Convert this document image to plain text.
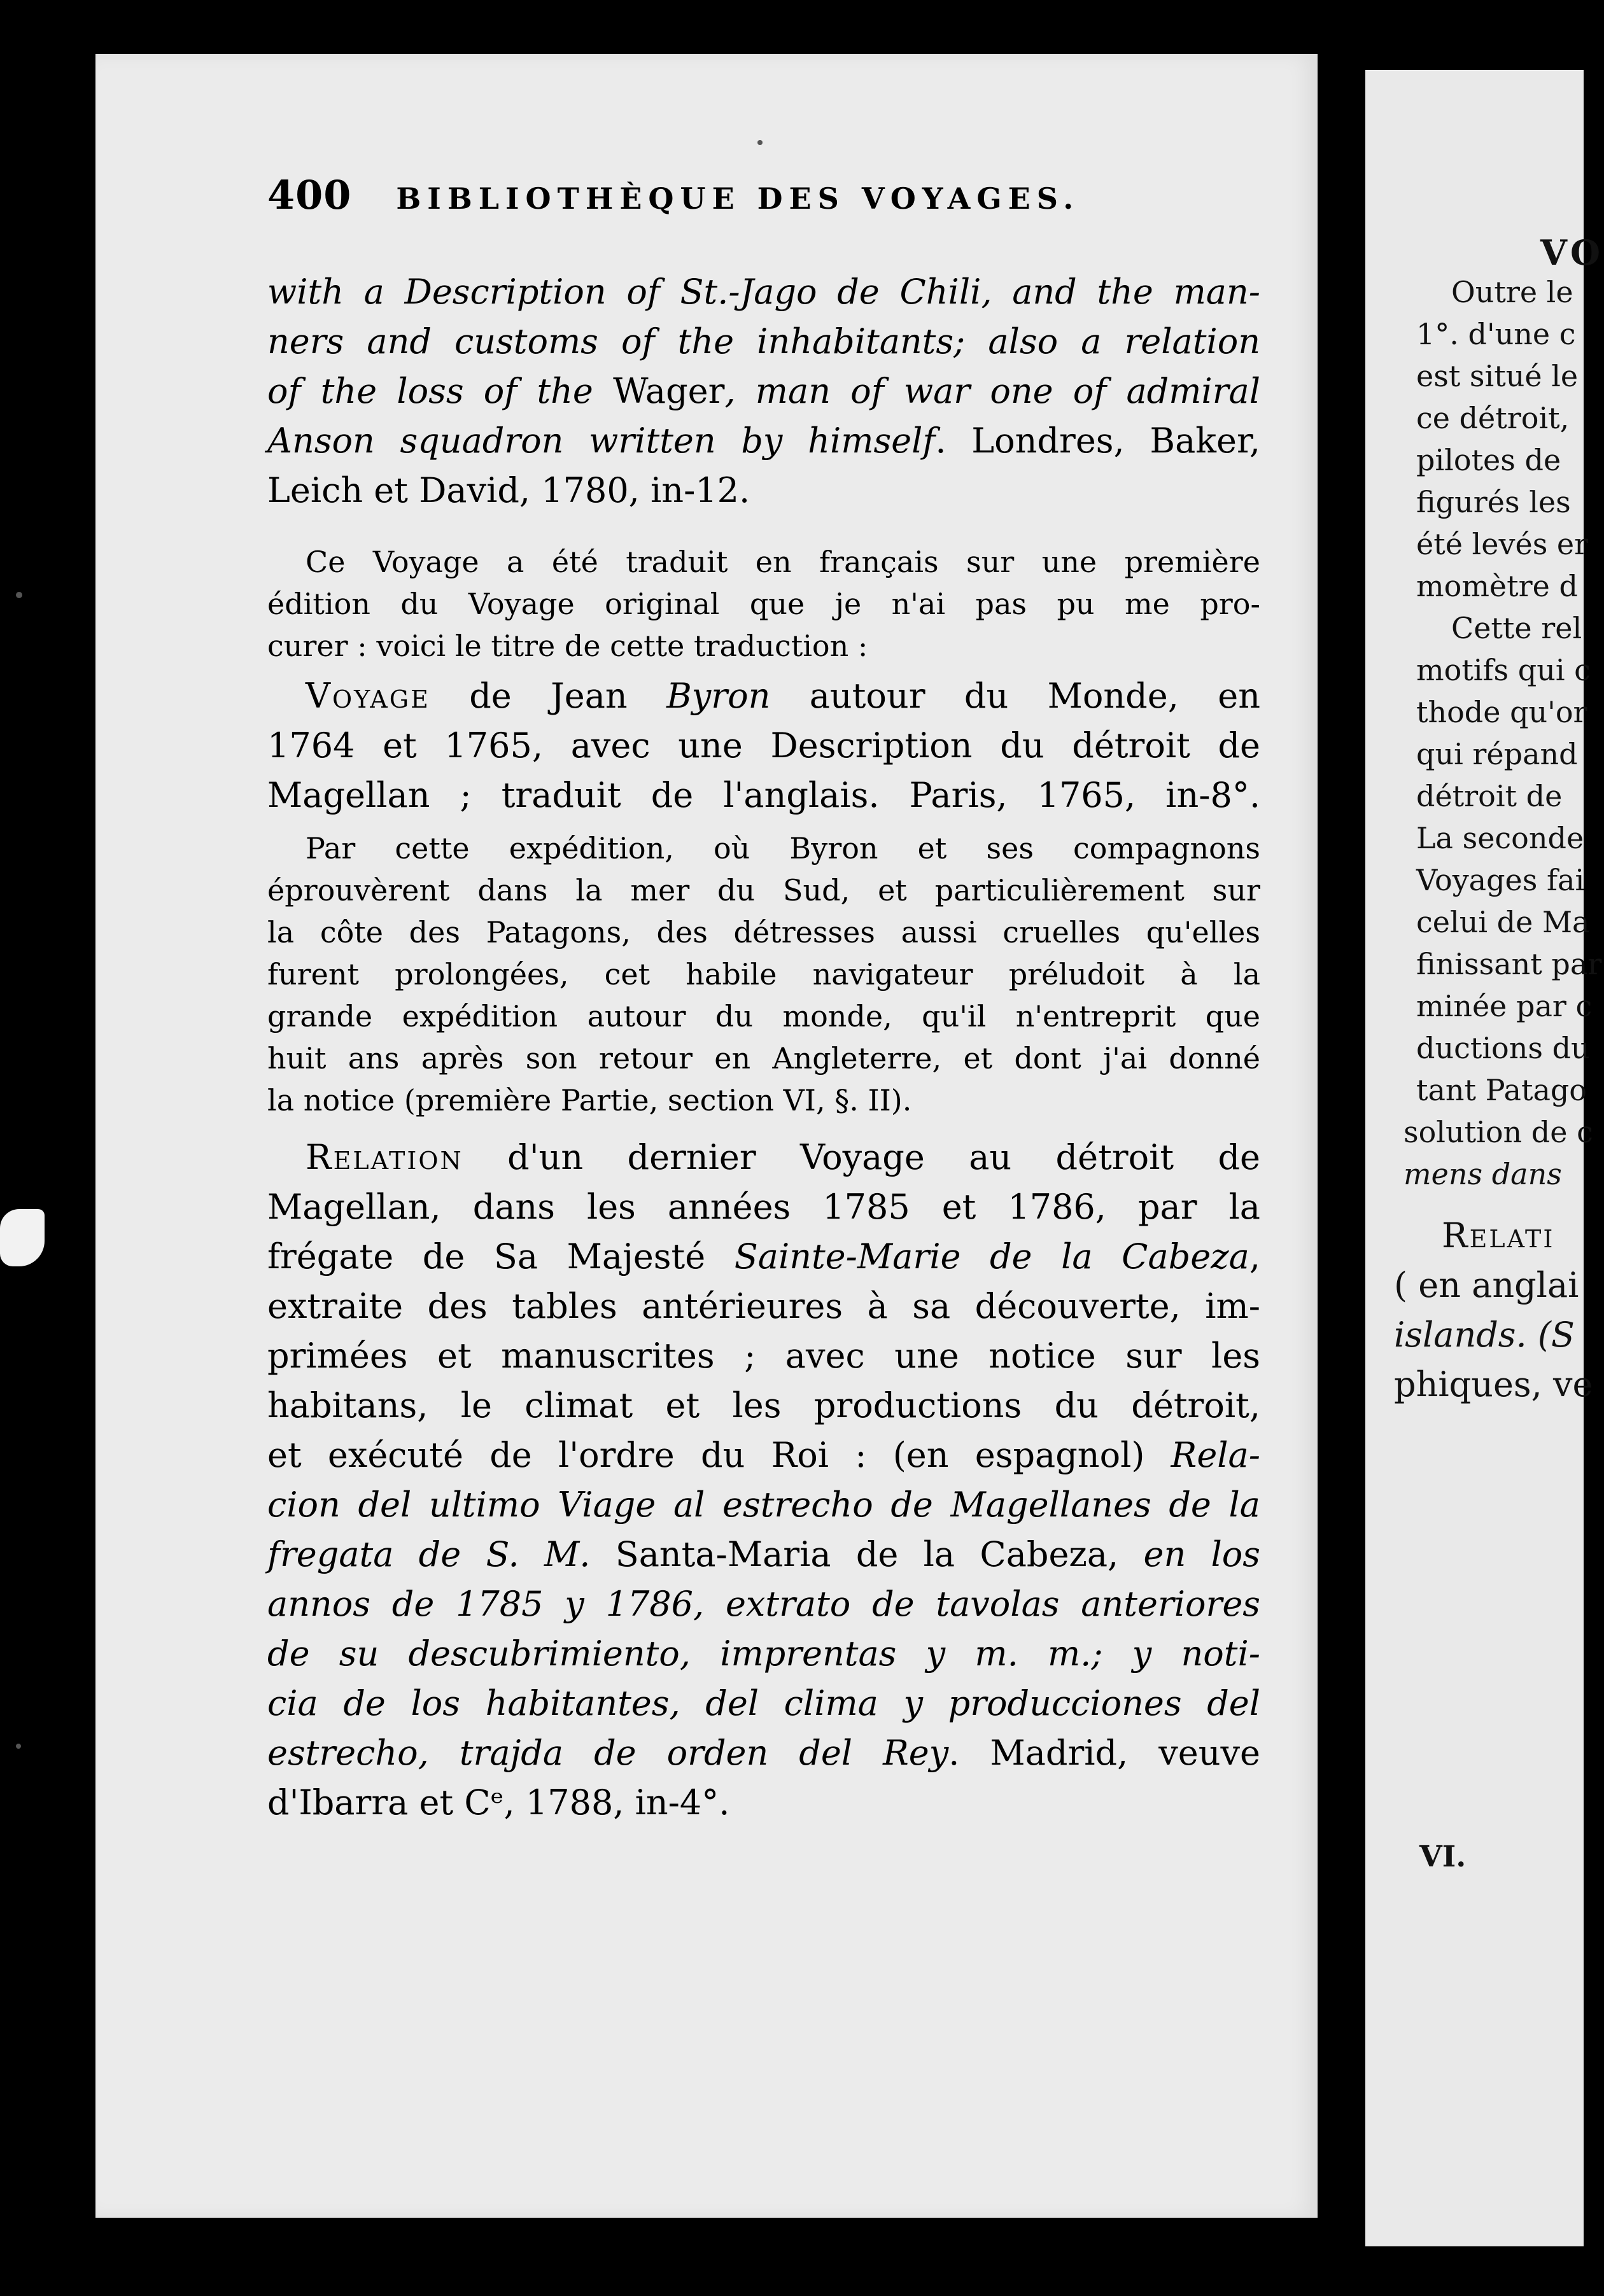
400 BIBLIOTHÈQUE DES VOYAGES.
with a Description of St.-Jago de Chili, and the man-
ners and customs of the inhabitants; also a relation
of the loss of the Wager, man of war one of admiral
Anson squadron written by himself. Londres, Baker,
Leich et David, 1780, in-12.
Ce Voyage a été traduit en français sur une première
édition du Voyage original que je n'ai pas pu me pro-
curer : voici le titre de cette traduction :
Voyage de Jean Byron autour du Monde, en
1764 et 1765, avec une Description du détroit de
Magellan ; traduit de l'anglais. Paris, 1765, in-8°.
Par cette expédition, où Byron et ses compagnons
éprouvèrent dans la mer du Sud, et particulièrement sur
la côte des Patagons, des détresses aussi cruelles qu'elles
furent prolongées, cet habile navigateur préludoit à la
grande expédition autour du monde, qu'il n'entreprit que
huit ans après son retour en Angleterre, et dont j'ai donné
la notice (première Partie, section VI, §. II).
Relation d'un dernier Voyage au détroit de
Magellan, dans les années 1785 et 1786, par la
frégate de Sa Majesté Sainte-Marie de la Cabeza,
extraite des tables antérieures à sa découverte, im-
primées et manuscrites ; avec une notice sur les
habitans, le climat et les productions du détroit,
et exécuté de l'ordre du Roi : (en espagnol) Rela-
cion del ultimo Viage al estrecho de Magellanes de la
fregata de S. M. Santa-Maria de la Cabeza, en los
annos de 1785 y 1786, extrato de tavolas anteriores
de su descubrimiento, imprentas y m. m.; y noti-
cia de los habitantes, del clima y producciones del
estrecho, trajda de orden del Rey. Madrid, veuve
d'Ibarra et Cᵉ, 1788, in-4°.
VO
Outre le
1°. d'une c
est situé le
ce détroit,
pilotes de
figurés les
été levés er
momètre d
Cette rel
motifs qui c
thode qu'or
qui répand
détroit de
La seconde
Voyages fai
celui de Ma
finissant par
minée par c
ductions du
tant Patago
solution de c
mens dans
Relati
( en anglai
islands. (S
phiques, ve
VI.
